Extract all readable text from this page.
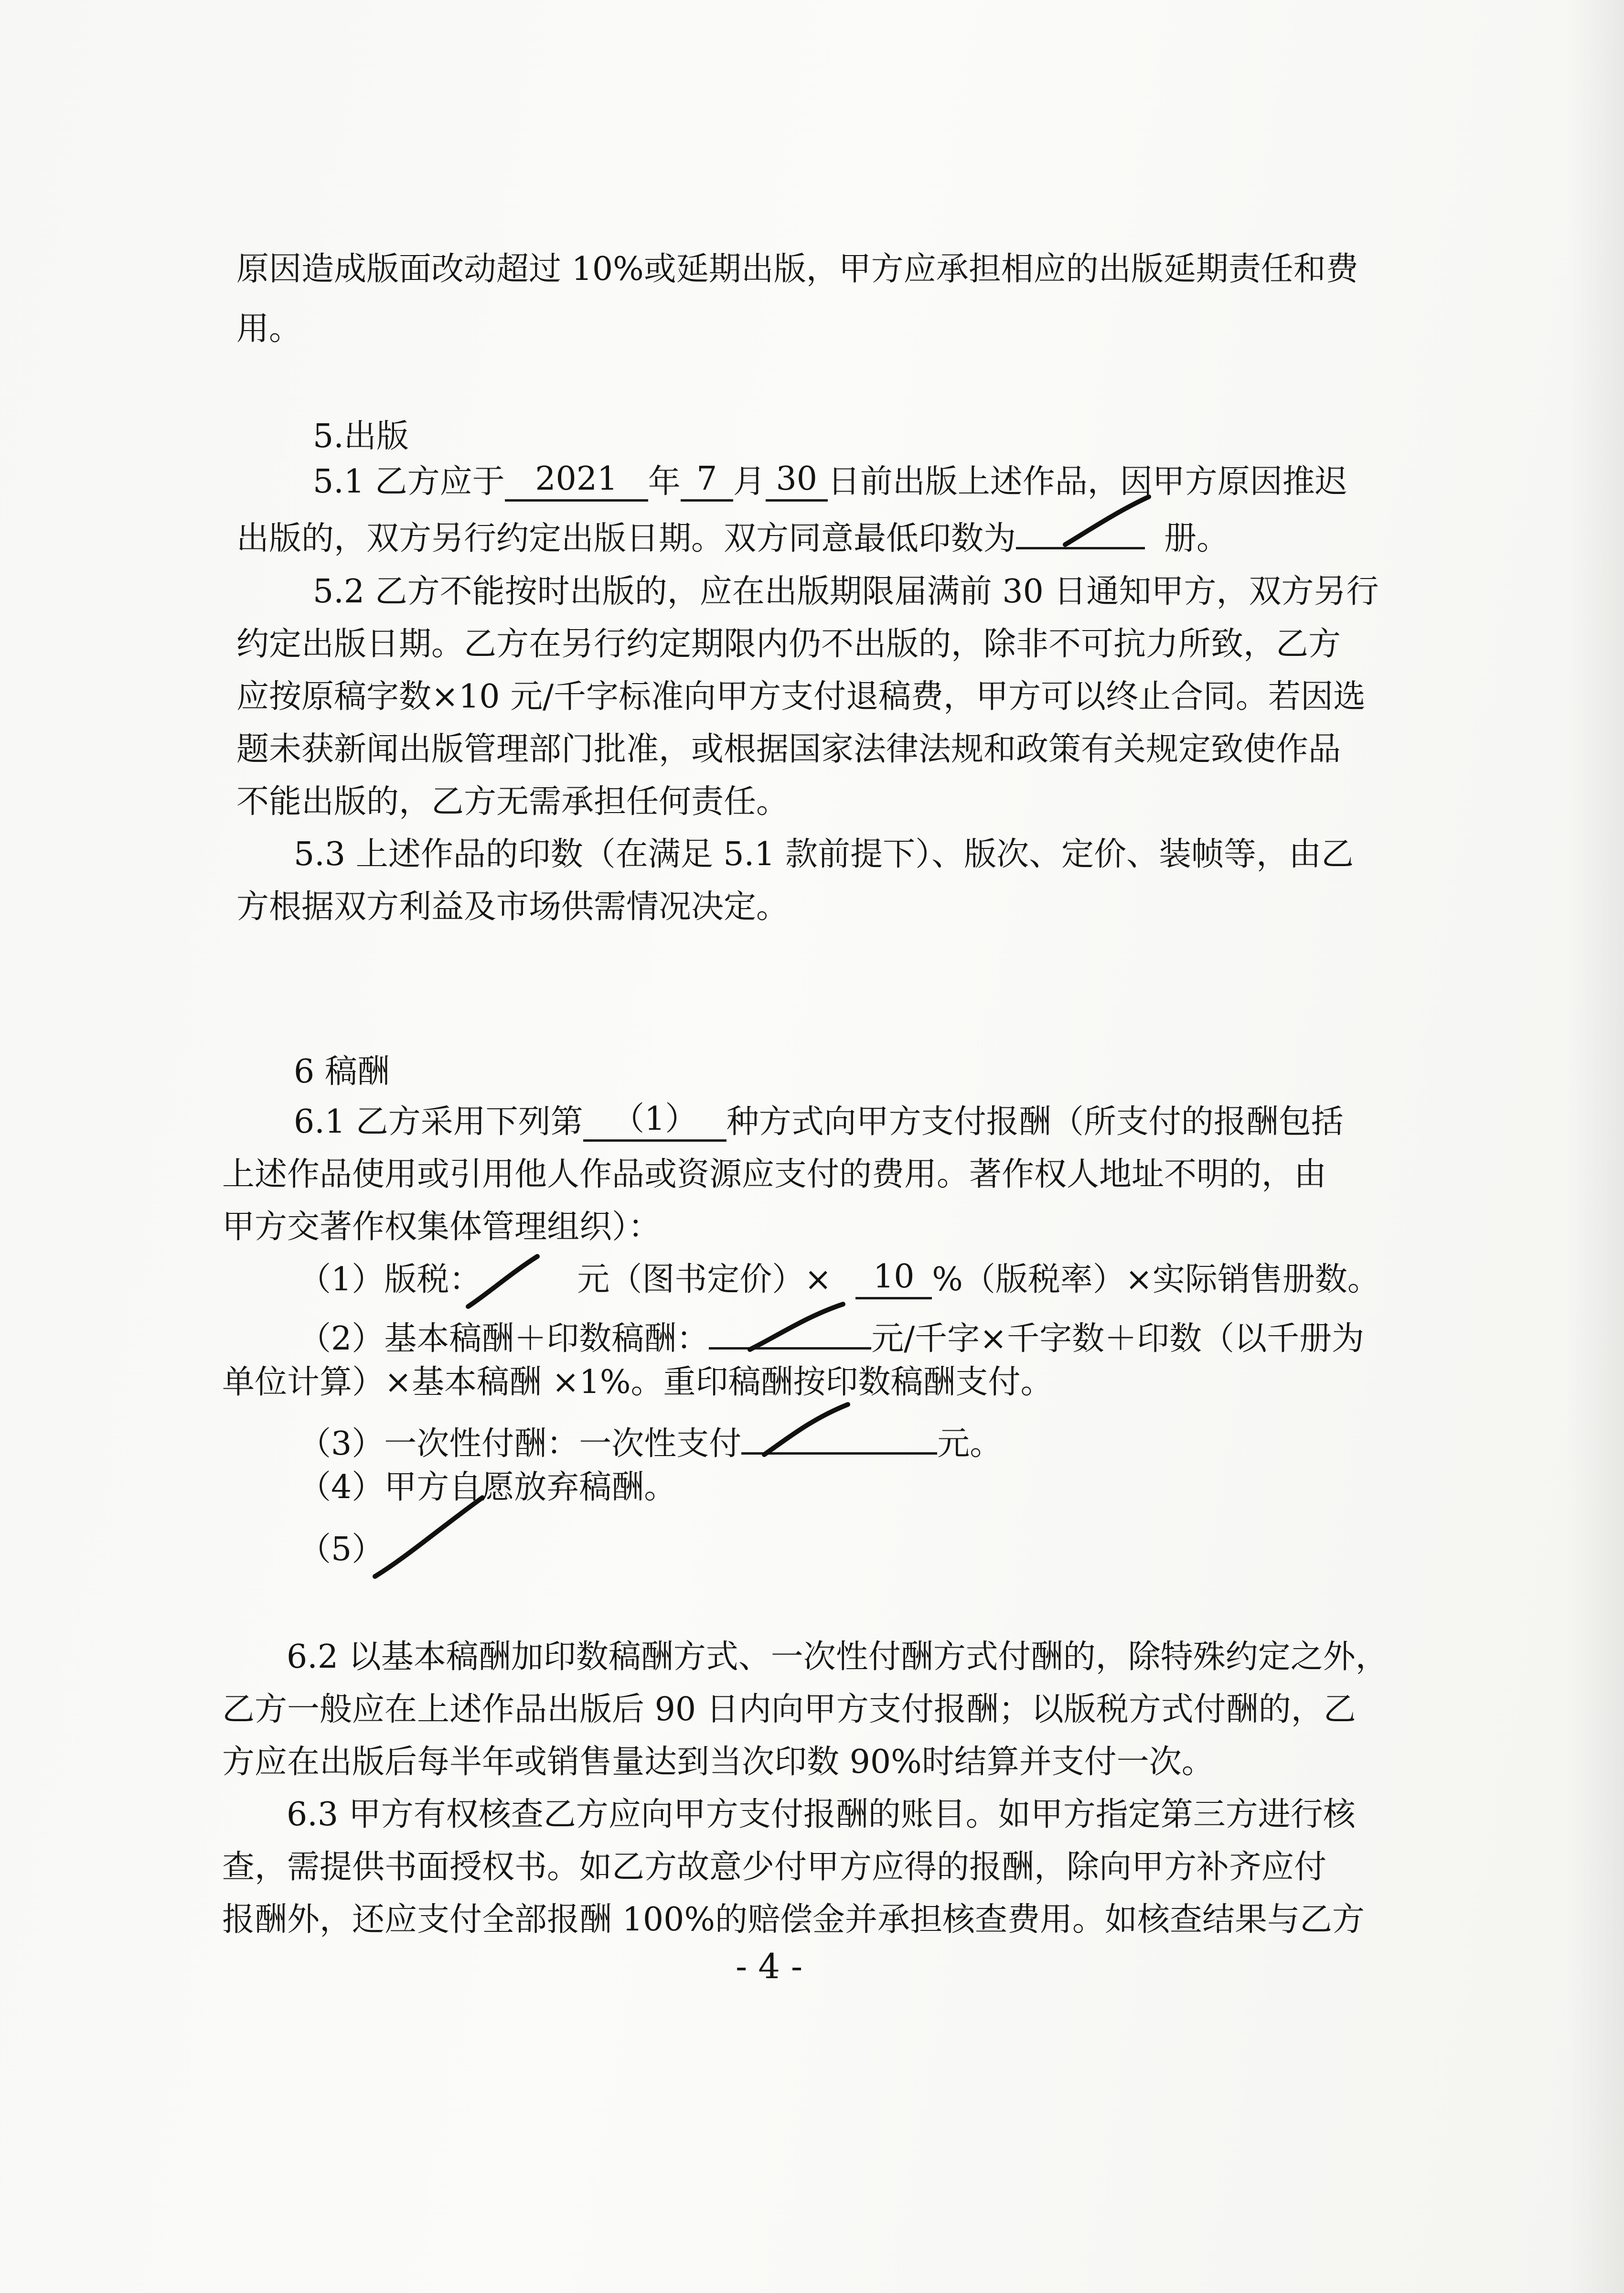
原因造成版面改动超过 10%或延期出版，甲方应承担相应的出版延期责任和费
用。
5.出版
5.1 乙方应于 2021 年 7 月 30 日前出版上述作品，因甲方原因推迟
出版的，双方另行约定出版日期。双方同意最低印数为	册。
5.2 乙方不能按时出版的，应在出版期限届满前 30 日通知甲方，双方另行
约定出版日期。乙方在另行约定期限内仍不出版的，除非不可抗力所致，乙方
应按原稿字数×10 元/千字标准向甲方支付退稿费，甲方可以终止合同。若因选
题未获新闻出版管理部门批准，或根据国家法律法规和政策有关规定致使作品
不能出版的，乙方无需承担任何责任。
5.3 上述作品的印数（在满足 5.1 款前提下）、版次、定价、装帧等，由乙
方根据双方利益及市场供需情况决定。
6 稿酬
6.1 乙方采用下列第 （1） 种方式向甲方支付报酬（所支付的报酬包括
上述作品使用或引用他人作品或资源应支付的费用。著作权人地址不明的，由
甲方交著作权集体管理组织）：
（1）版税：	元（图书定价）× 10 %（版税率）×实际销售册数。
（2）基本稿酬＋印数稿酬：	元/千字×千字数＋印数（以千册为
单位计算）×基本稿酬 ×1%。重印稿酬按印数稿酬支付。
（3）一次性付酬：一次性支付	元。
（4）甲方自愿放弃稿酬。
（5）
6.2 以基本稿酬加印数稿酬方式、一次性付酬方式付酬的，除特殊约定之外，
乙方一般应在上述作品出版后 90 日内向甲方支付报酬；以版税方式付酬的，乙
方应在出版后每半年或销售量达到当次印数 90%时结算并支付一次。
6.3 甲方有权核查乙方应向甲方支付报酬的账目。如甲方指定第三方进行核
查，需提供书面授权书。如乙方故意少付甲方应得的报酬，除向甲方补齐应付
报酬外，还应支付全部报酬 100%的赔偿金并承担核查费用。如核查结果与乙方
- 4 -
